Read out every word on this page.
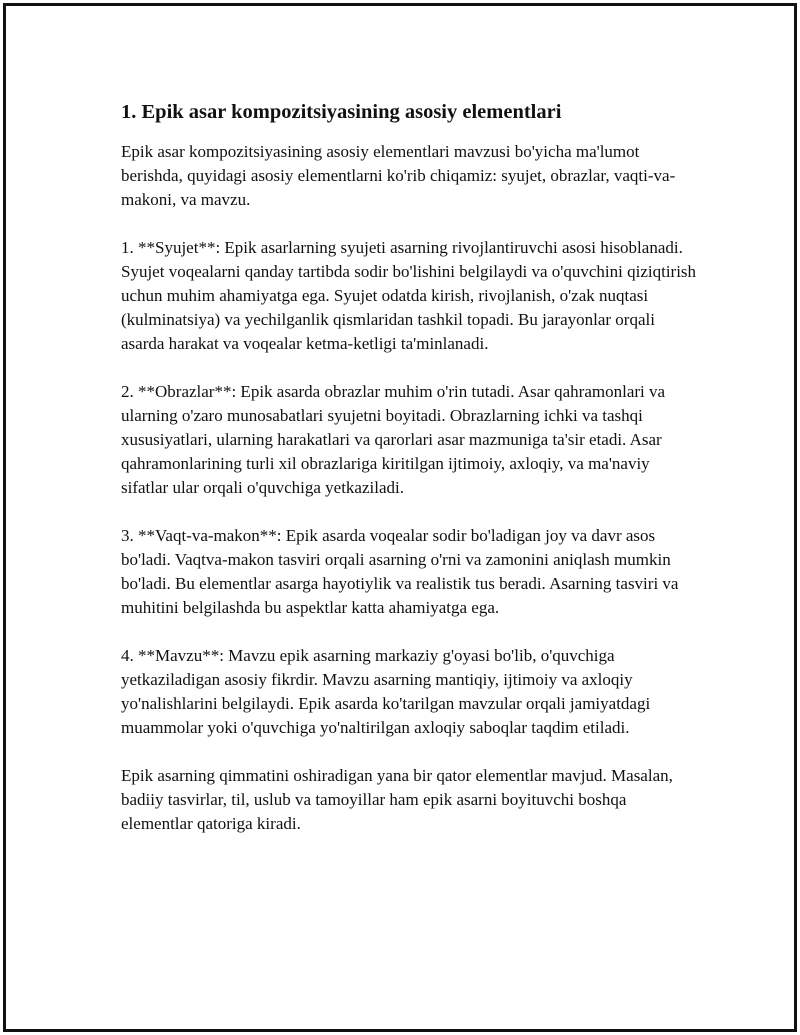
1. Epik asar kompozitsiyasining asosiy elementlari

Epik asar kompozitsiyasining asosiy elementlari mavzusi bo'yicha ma'lumot berishda, quyidagi asosiy elementlarni ko'rib chiqamiz: syujet, obrazlar, vaqti-va-makoni, va mavzu.

1. **Syujet**: Epik asarlarning syujeti asarning rivojlantiruvchi asosi hisoblanadi. Syujet voqealarni qanday tartibda sodir bo'lishini belgilaydi va o'quvchini qiziqtirish uchun muhim ahamiyatga ega. Syujet odatda kirish, rivojlanish, o'zak nuqtasi (kulminatsiya) va yechilganlik qismlaridan tashkil topadi. Bu jarayonlar orqali asarda harakat va voqealar ketma-ketligi ta'minlanadi.

2. **Obrazlar**: Epik asarda obrazlar muhim o'rin tutadi. Asar qahramonlari va ularning o'zaro munosabatlari syujetni boyitadi. Obrazlarning ichki va tashqi xususiyatlari, ularning harakatlari va qarorlari asar mazmuniga ta'sir etadi. Asar qahramonlarining turli xil obrazlariga kiritilgan ijtimoiy, axloqiy, va ma'naviy sifatlar ular orqali o'quvchiga yetkaziladi.

3. **Vaqt-va-makon**: Epik asarda voqealar sodir bo'ladigan joy va davr asos bo'ladi. Vaqtva-makon tasviri orqali asarning o'rni va zamonini aniqlash mumkin bo'ladi. Bu elementlar asarga hayotiylik va realistik tus beradi. Asarning tasviri va muhitini belgilashda bu aspektlar katta ahamiyatga ega.

4. **Mavzu**: Mavzu epik asarning markaziy g'oyasi bo'lib, o'quvchiga yetkaziladigan asosiy fikrdir. Mavzu asarning mantiqiy, ijtimoiy va axloqiy yo'nalishlarini belgilaydi. Epik asarda ko'tarilgan mavzular orqali jamiyatdagi muammolar yoki o'quvchiga yo'naltirilgan axloqiy saboqlar taqdim etiladi.

Epik asarning qimmatini oshiradigan yana bir qator elementlar mavjud. Masalan, badiiy tasvirlar, til, uslub va tamoyillar ham epik asarni boyituvchi boshqa elementlar qatoriga kiradi.
